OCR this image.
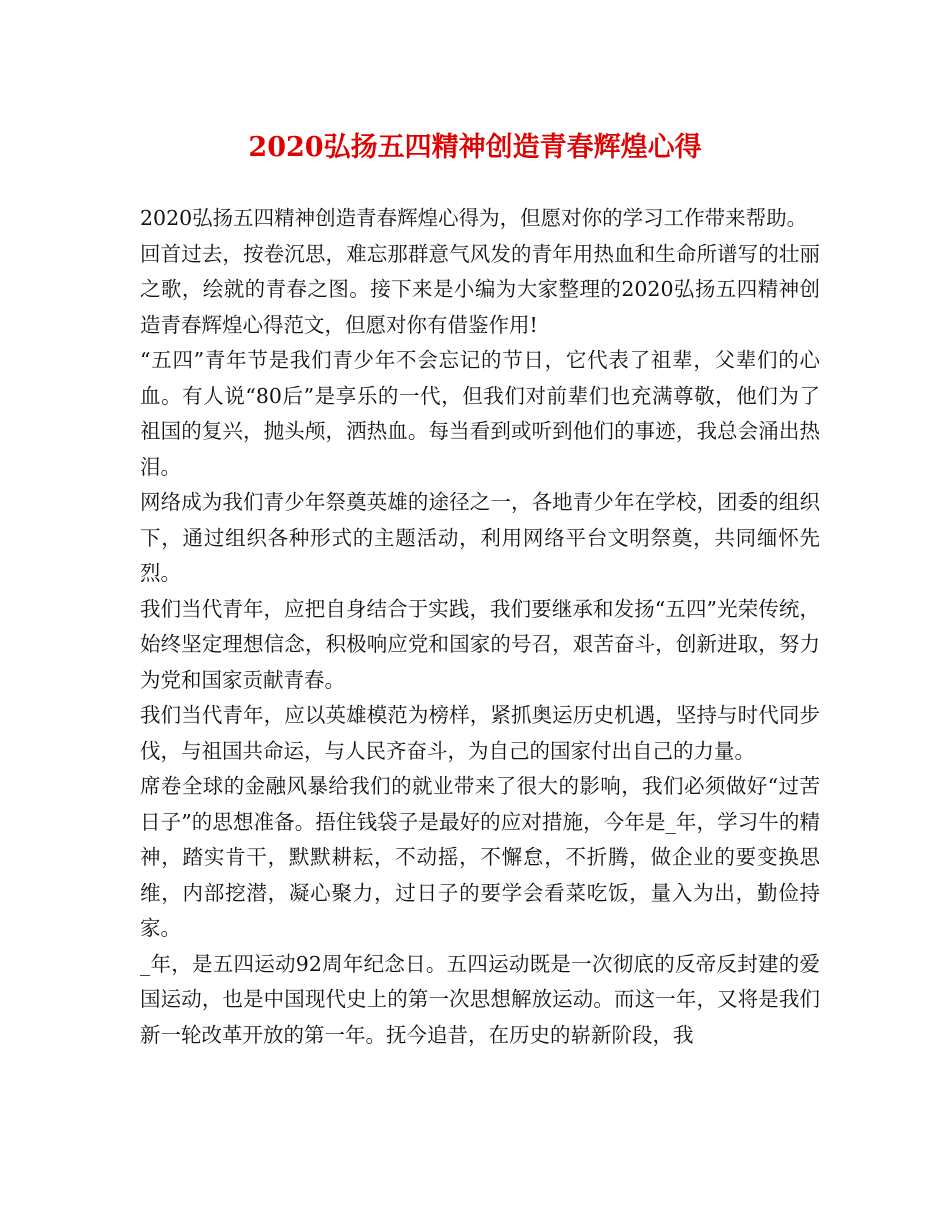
2020弘扬五四精神创造青春辉煌心得

2020弘扬五四精神创造青春辉煌心得为，但愿对你的学习工作带来帮助。

回首过去，按卷沉思，难忘那群意气风发的青年用热血和生命所谱写的壮丽之歌，绘就的青春之图。接下来是小编为大家整理的2020弘扬五四精神创造青春辉煌心得范文，但愿对你有借鉴作用!

“五四”青年节是我们青少年不会忘记的节日，它代表了祖辈，父辈们的心血。有人说“80后”是享乐的一代，但我们对前辈们也充满尊敬，他们为了祖国的复兴，抛头颅，洒热血。每当看到或听到他们的事迹，我总会涌出热泪。

网络成为我们青少年祭奠英雄的途径之一，各地青少年在学校，团委的组织下，通过组织各种形式的主题活动，利用网络平台文明祭奠，共同缅怀先烈。

我们当代青年，应把自身结合于实践，我们要继承和发扬“五四”光荣传统，始终坚定理想信念，积极响应党和国家的号召，艰苦奋斗，创新进取，努力为党和国家贡献青春。

我们当代青年，应以英雄模范为榜样，紧抓奥运历史机遇，坚持与时代同步伐，与祖国共命运，与人民齐奋斗，为自己的国家付出自己的力量。

席卷全球的金融风暴给我们的就业带来了很大的影响，我们必须做好“过苦日子”的思想准备。捂住钱袋子是最好的应对措施，今年是_年，学习牛的精神，踏实肯干，默默耕耘，不动摇，不懈怠，不折腾，做企业的要变换思维，内部挖潜，凝心聚力，过日子的要学会看菜吃饭，量入为出，勤俭持家。

_年，是五四运动92周年纪念日。五四运动既是一次彻底的反帝反封建的爱国运动，也是中国现代史上的第一次思想解放运动。而这一年，又将是我们新一轮改革开放的第一年。抚今追昔，在历史的崭新阶段，我
